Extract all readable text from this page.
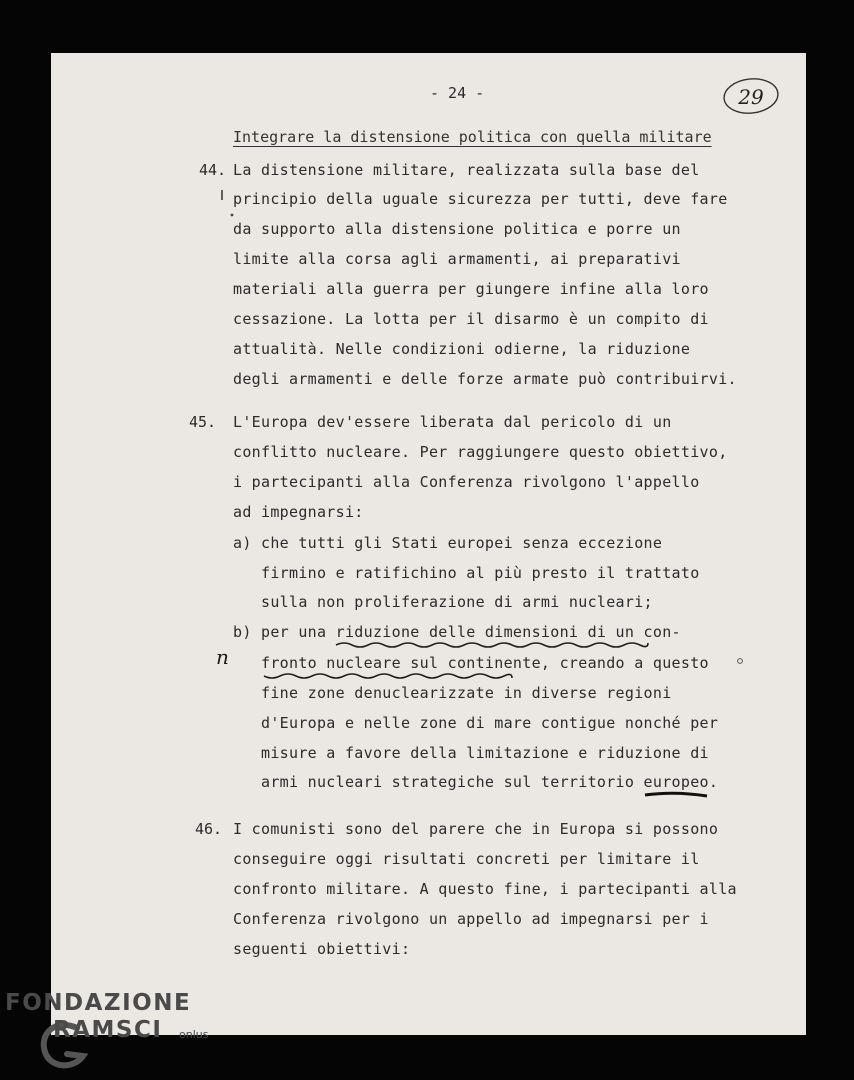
- 24 -	29
Integrare la distensione politica con quella militare
44.
45.
46.
La distensione militare, realizzata sulla base del
principio della uguale sicurezza per tutti, deve fare
da supporto alla distensione politica e porre un
limite alla corsa agli armamenti, ai preparativi
materiali alla guerra per giungere infine alla loro
cessazione. La lotta per il disarmo è un compito di
attualità. Nelle condizioni odierne, la riduzione
degli armamenti e delle forze armate può contribuirvi.
L'Europa dev'essere liberata dal pericolo di un
conflitto nucleare. Per raggiungere questo obiettivo,
i partecipanti alla Conferenza rivolgono l'appello
ad impegnarsi:
a) che tutti gli Stati europei senza eccezione
firmino e ratifichino al più presto il trattato
sulla non proliferazione di armi nucleari;
b) per una riduzione delle dimensioni di un con-
fronto nucleare sul continente, creando a questo
fine zone denuclearizzate in diverse regioni
d'Europa e nelle zone di mare contigue nonché per
misure a favore della limitazione e riduzione di
armi nucleari strategiche sul territorio europeo.
I comunisti sono del parere che in Europa si possono
conseguire oggi risultati concreti per limitare il
confronto militare. A questo fine, i partecipanti alla
Conferenza rivolgono un appello ad impegnarsi per i
seguenti obiettivi:
n
FONDAZIONE
RAMSCI onlus
